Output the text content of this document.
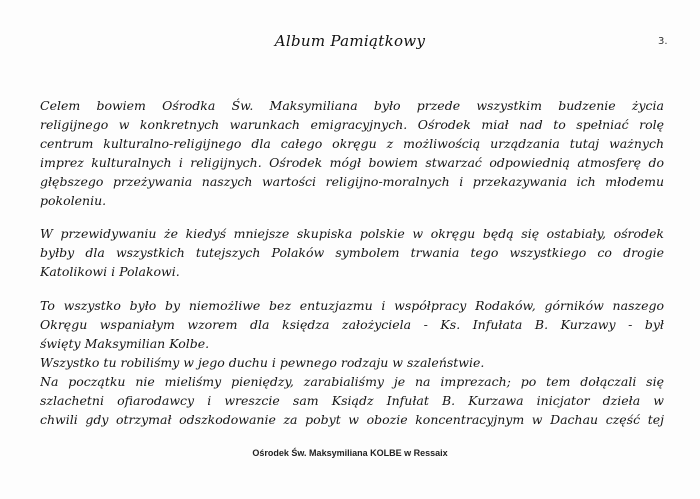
Album Pamiątkowy	3.
Celem bowiem Ośrodka Św. Maksymiliana było przede wszystkim budzenie życia
religijnego w konkretnych warunkach emigracyjnych. Ośrodek miał nad to spełniać rolę
centrum kulturalno-religijnego dla całego okręgu z możliwością urządzania tutaj ważnych
imprez kulturalnych i religijnych. Ośrodek mógł bowiem stwarzać odpowiednią atmosferę do
głębszego przeżywania naszych wartości religijno-moralnych i przekazywania ich młodemu
pokoleniu.
W przewidywaniu że kiedyś mniejsze skupiska polskie w okręgu będą się ostabiały, ośrodek
byłby dla wszystkich tutejszych Polaków symbolem trwania tego wszystkiego co drogie
Katolikowi i Polakowi.
To wszystko było by niemożliwe bez entuzjazmu i współpracy Rodaków, górników naszego
Okręgu wspaniałym wzorem dla księdza założyciela - Ks. Infułata B. Kurzawy - był
święty Maksymilian Kolbe.
Wszystko tu robiliśmy w jego duchu i pewnego rodzaju w szaleństwie.
Na początku nie mieliśmy pieniędzy, zarabialiśmy je na imprezach; po tem dołączali się
szlachetni ofiarodawcy i wreszcie sam Ksiądz Infułat B. Kurzawa inicjator dzieła w
chwili gdy otrzymał odszkodowanie za pobyt w obozie koncentracyjnym w Dachau część tej
Ośrodek Św. Maksymiliana KOLBE w Ressaix
